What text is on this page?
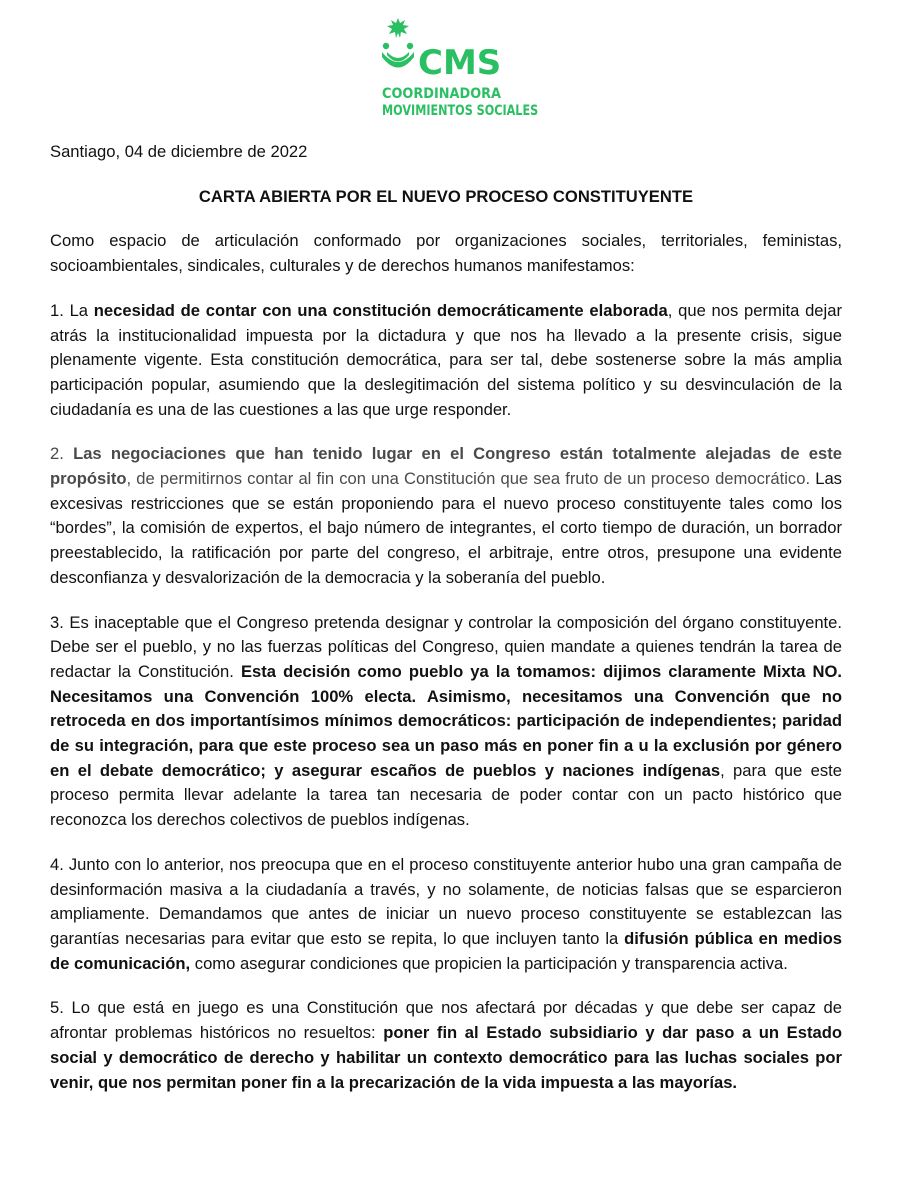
CMS
COORDINADORA
MOVIMIENTOS SOCIALES
Santiago, 04 de diciembre de 2022
CARTA ABIERTA POR EL NUEVO PROCESO CONSTITUYENTE

Como espacio de articulación conformado por organizaciones sociales, territoriales, feministas, socioambientales, sindicales, culturales y de derechos humanos manifestamos:

1. La necesidad de contar con una constitución democráticamente elaborada, que nos permita dejar atrás la institucionalidad impuesta por la dictadura y que nos ha llevado a la presente crisis, sigue plenamente vigente. Esta constitución democrática, para ser tal, debe sostenerse sobre la más amplia participación popular, asumiendo que la deslegitimación del sistema político y su desvinculación de la ciudadanía es una de las cuestiones a las que urge responder.

2. Las negociaciones que han tenido lugar en el Congreso están totalmente alejadas de este propósito, de permitirnos contar al fin con una Constitución que sea fruto de un proceso democrático. Las excesivas restricciones que se están proponiendo para el nuevo proceso constituyente tales como los “bordes”, la comisión de expertos, el bajo número de integrantes, el corto tiempo de duración, un borrador preestablecido, la ratificación por parte del congreso, el arbitraje, entre otros, presupone una evidente desconfianza y desvalorización de la democracia y la soberanía del pueblo.

3. Es inaceptable que el Congreso pretenda designar y controlar la composición del órgano constituyente. Debe ser el pueblo, y no las fuerzas políticas del Congreso, quien mandate a quienes tendrán la tarea de redactar la Constitución. Esta decisión como pueblo ya la tomamos: dijimos claramente Mixta NO. Necesitamos una Convención 100% electa. Asimismo, necesitamos una Convención que no retroceda en dos importantísimos mínimos democráticos: participación de independientes; paridad de su integración, para que este proceso sea un paso más en poner fin a u la exclusión por género en el debate democrático; y asegurar escaños de pueblos y naciones indígenas, para que este proceso permita llevar adelante la tarea tan necesaria de poder contar con un pacto histórico que reconozca los derechos colectivos de pueblos indígenas.

4. Junto con lo anterior, nos preocupa que en el proceso constituyente anterior hubo una gran campaña de desinformación masiva a la ciudadanía a través, y no solamente, de noticias falsas que se esparcieron ampliamente. Demandamos que antes de iniciar un nuevo proceso constituyente se establezcan las garantías necesarias para evitar que esto se repita, lo que incluyen tanto la difusión pública en medios de comunicación, como asegurar condiciones que propicien la participación y transparencia activa.

5. Lo que está en juego es una Constitución que nos afectará por décadas y que debe ser capaz de afrontar problemas históricos no resueltos: poner fin al Estado subsidiario y dar paso a un Estado social y democrático de derecho y habilitar un contexto democrático para las luchas sociales por venir, que nos permitan poner fin a la precarización de la vida impuesta a las mayorías.
